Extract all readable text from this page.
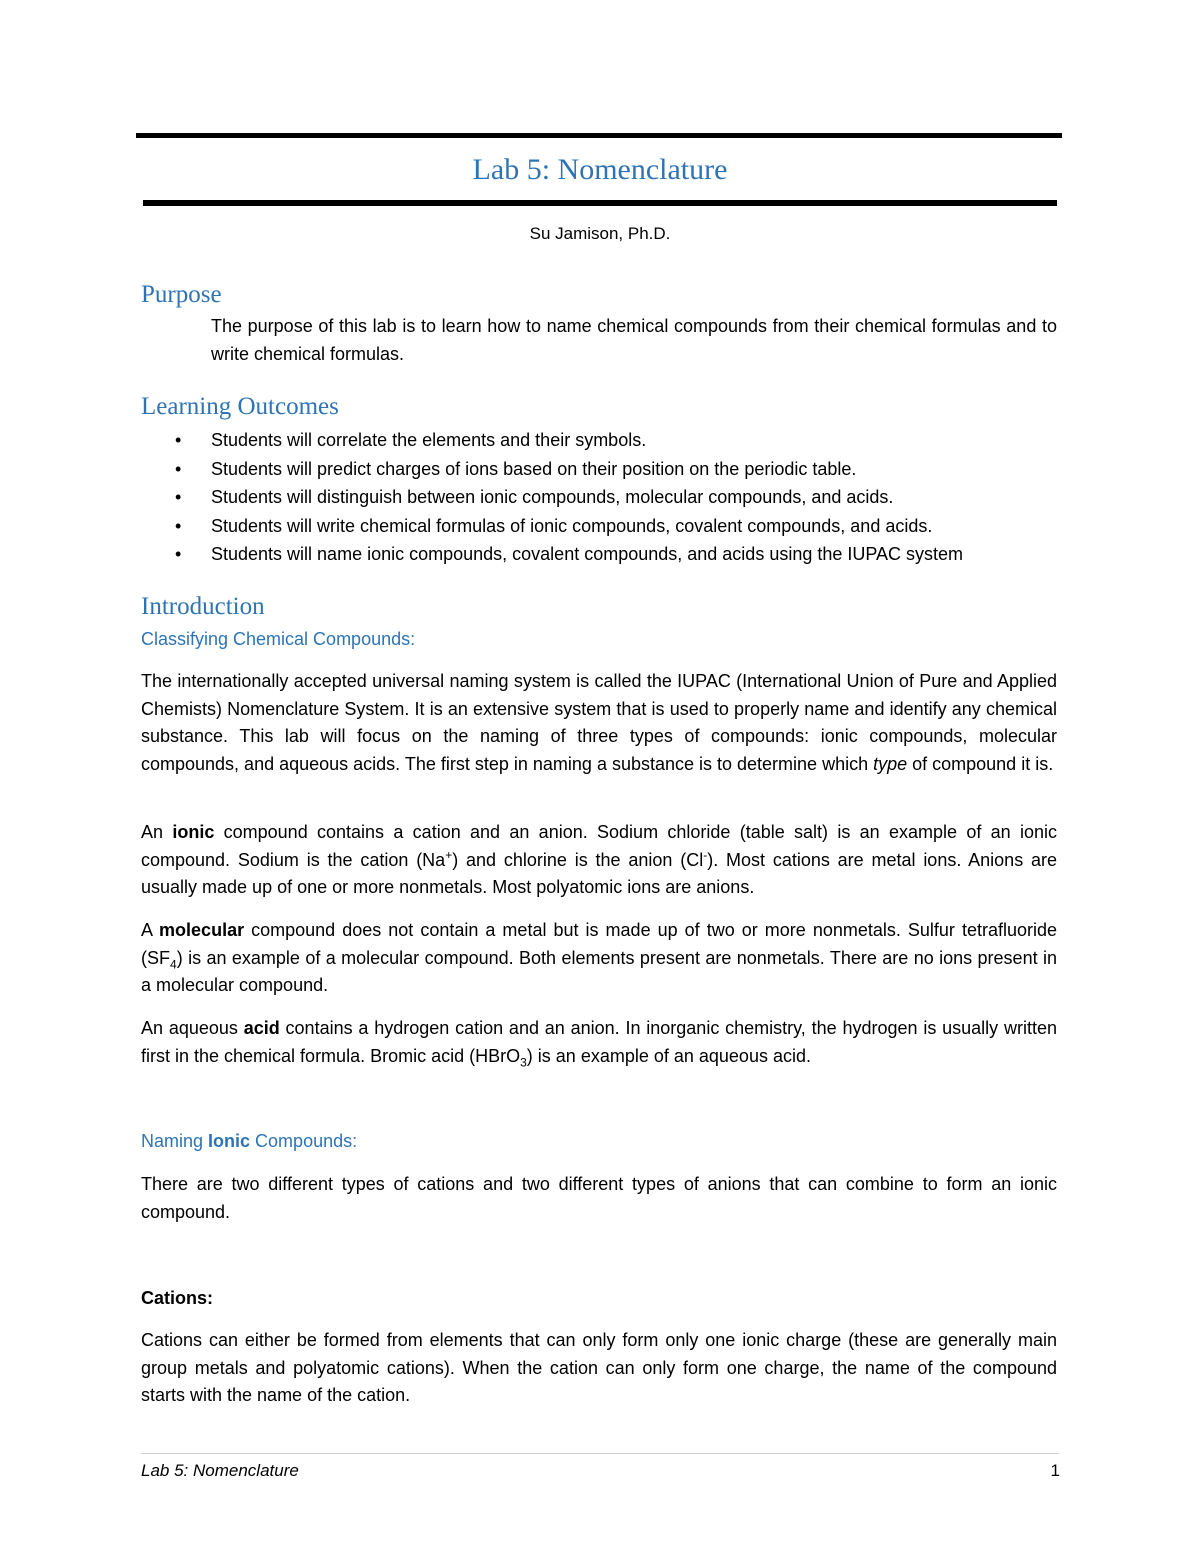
Lab 5: Nomenclature
Su Jamison, Ph.D.
Purpose

The purpose of this lab is to learn how to name chemical compounds from their chemical formulas and to write chemical formulas.

Learning Outcomes
• Students will correlate the elements and their symbols.
• Students will predict charges of ions based on their position on the periodic table.
• Students will distinguish between ionic compounds, molecular compounds, and acids.
• Students will write chemical formulas of ionic compounds, covalent compounds, and acids.
• Students will name ionic compounds, covalent compounds, and acids using the IUPAC system
Introduction
Classifying Chemical Compounds:

The internationally accepted universal naming system is called the IUPAC (International Union of Pure and Applied Chemists) Nomenclature System. It is an extensive system that is used to properly name and identify any chemical substance. This lab will focus on the naming of three types of compounds: ionic compounds, molecular compounds, and aqueous acids. The first step in naming a substance is to determine which type of compound it is.

An ionic compound contains a cation and an anion. Sodium chloride (table salt) is an example of an ionic compound. Sodium is the cation (Na+) and chlorine is the anion (Cl-). Most cations are metal ions. Anions are usually made up of one or more nonmetals. Most polyatomic ions are anions.

A molecular compound does not contain a metal but is made up of two or more nonmetals. Sulfur tetrafluoride $(SF_4)$ is an example of a molecular compound. Both elements present are nonmetals. There are no ions present in a molecular compound.

An aqueous acid contains a hydrogen cation and an anion. In inorganic chemistry, the hydrogen is usually written first in the chemical formula. Bromic acid (HBrO$_3$) is an example of an aqueous acid.

Naming Ionic Compounds:

There are two different types of cations and two different types of anions that can combine to form an ionic compound.

Cations:

Cations can either be formed from elements that can only form only one ionic charge (these are generally main group metals and polyatomic cations). When the cation can only form one charge, the name of the compound starts with the name of the cation.

Lab 5: Nomenclature	1
